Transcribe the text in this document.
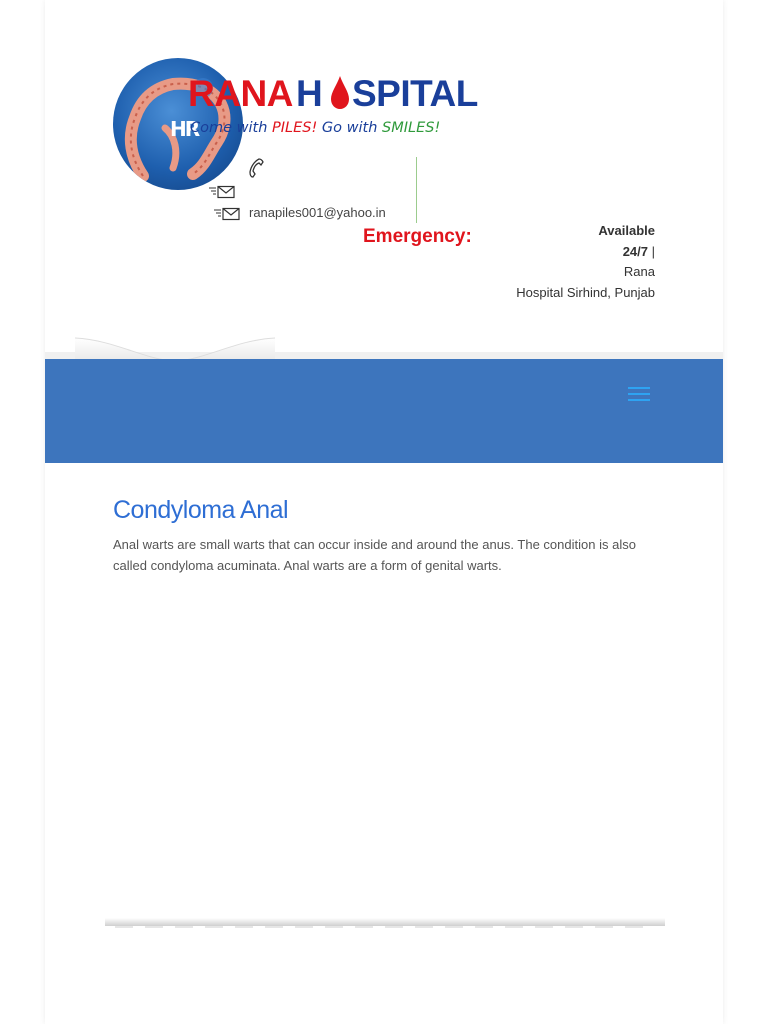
HR
RANA H SPITAL
Come with PILES! Go with SMILES!
ranapiles001@yahoo.in
Emergency:	Available
24/7 |
Rana
Hospital Sirhind, Punjab
Condyloma Anal

Anal warts are small warts that can occur inside and around the anus. The condition is also called condyloma acuminata. Anal warts are a form of genital warts.
